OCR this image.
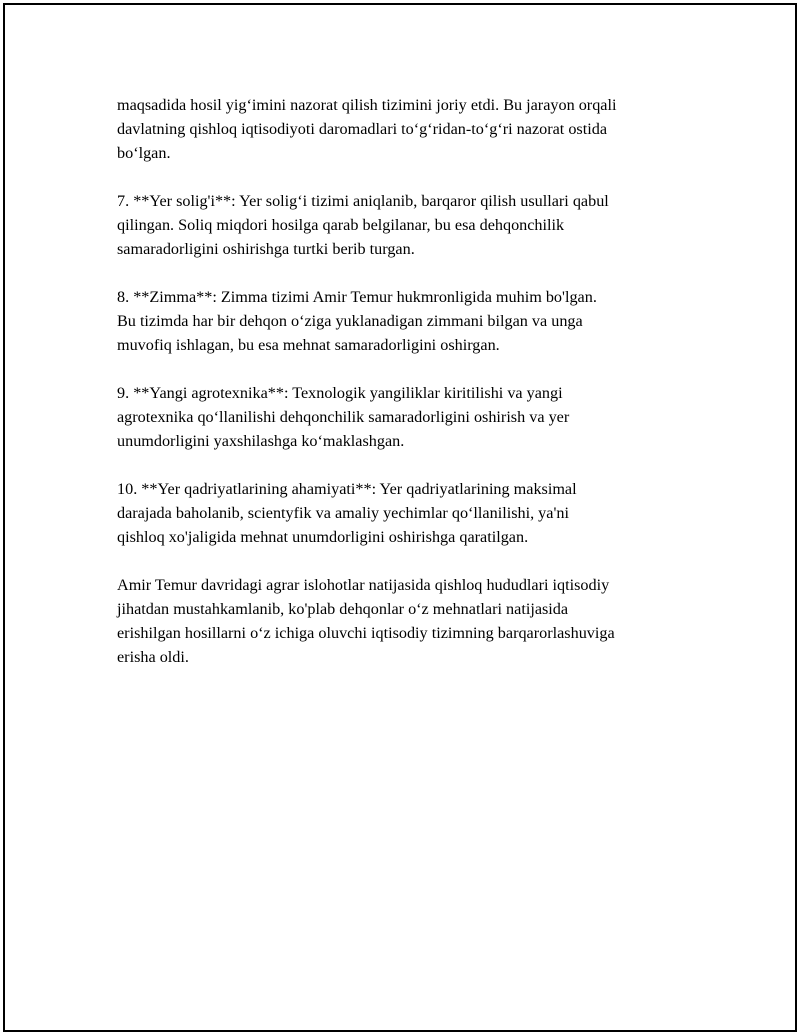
maqsadida hosil yig‘imini nazorat qilish tizimini joriy etdi. Bu jarayon orqali
davlatning qishloq iqtisodiyoti daromadlari to‘g‘ridan-to‘g‘ri nazorat ostida
bo‘lgan.

7. **Yer solig'i**: Yer solig‘i tizimi aniqlanib, barqaror qilish usullari qabul
qilingan. Soliq miqdori hosilga qarab belgilanar, bu esa dehqonchilik
samaradorligini oshirishga turtki berib turgan.

8. **Zimma**: Zimma tizimi Amir Temur hukmronligida muhim bo'lgan.
Bu tizimda har bir dehqon o‘ziga yuklanadigan zimmani bilgan va unga
muvofiq ishlagan, bu esa mehnat samaradorligini oshirgan.

9. **Yangi agrotexnika**: Texnologik yangiliklar kiritilishi va yangi
agrotexnika qo‘llanilishi dehqonchilik samaradorligini oshirish va yer
unumdorligini yaxshilashga ko‘maklashgan.

10. **Yer qadriyatlarining ahamiyati**: Yer qadriyatlarining maksimal
darajada baholanib, scientyfik va amaliy yechimlar qo‘llanilishi, ya'ni
qishloq xo'jaligida mehnat unumdorligini oshirishga qaratilgan.

Amir Temur davridagi agrar islohotlar natijasida qishloq hududlari iqtisodiy
jihatdan mustahkamlanib, ko'plab dehqonlar o‘z mehnatlari natijasida
erishilgan hosillarni o‘z ichiga oluvchi iqtisodiy tizimning barqarorlashuviga
erisha oldi.
